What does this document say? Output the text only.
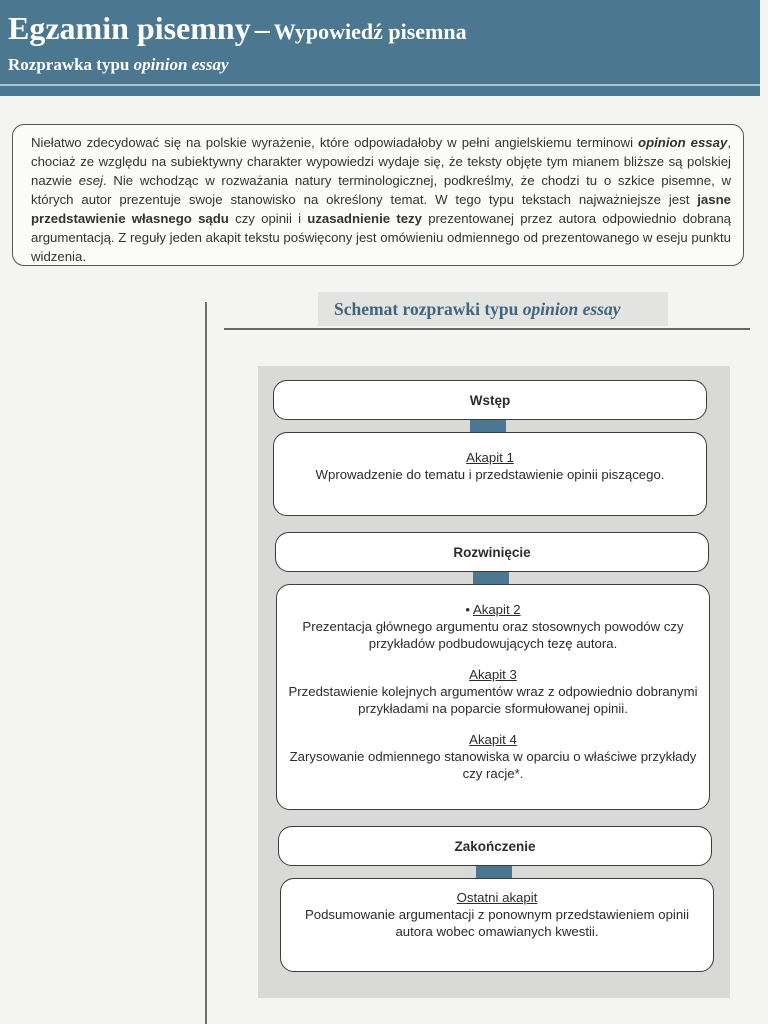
Egzamin pisemny – Wypowiedź pisemna
Rozprawka typu opinion essay
Niełatwo zdecydować się na polskie wyrażenie, które odpowiadałoby w pełni angielskiemu terminowi opinion essay, chociaż ze względu na subiektywny charakter wypowiedzi wydaje się, że teksty objęte tym mianem bliższe są polskiej nazwie esej. Nie wchodząc w rozważania natury terminologicznej, podkreślmy, że chodzi tu o szkice pisemne, w których autor prezentuje swoje stanowisko na określony temat. W tego typu tekstach najważniejsze jest jasne przedstawienie własnego sądu czy opinii i uzasadnienie tezy prezentowanej przez autora odpowiednio dobraną argumentacją. Z reguły jeden akapit tekstu poświęcony jest omówieniu odmiennego od prezentowanego w eseju punktu widzenia.
Schemat rozprawki typu opinion essay
Wstęp
Akapit 1
Wprowadzenie do tematu i przedstawienie opinii piszącego.
Rozwinięcie
• Akapit 2
Prezentacja głównego argumentu oraz stosownych powodów czy przykładów podbudowujących tezę autora.
Akapit 3
Przedstawienie kolejnych argumentów wraz z odpowiednio dobranymi przykładami na poparcie sformułowanej opinii.
Akapit 4
Zarysowanie odmiennego stanowiska w oparciu o właściwe przykłady czy racje*.
Zakończenie
Ostatni akapit
Podsumowanie argumentacji z ponownym przedstawieniem opinii autora wobec omawianych kwestii.
